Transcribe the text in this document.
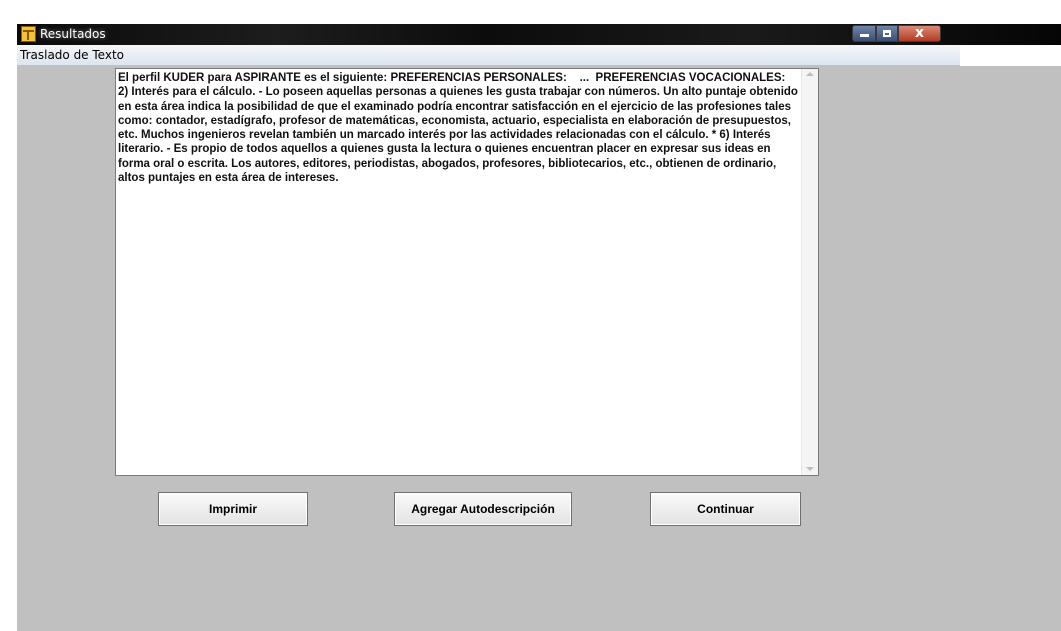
Resultados	x
Traslado de Texto
El perfil KUDER para ASPIRANTE es el siguiente: PREFERENCIAS PERSONALES:    ...  PREFERENCIAS VOCACIONALES: 2) Interés para el cálculo. - Lo poseen aquellas personas a quienes les gusta trabajar con números. Un alto puntaje obtenido en esta área indica la posibilidad de que el examinado podría encontrar satisfacción en el ejercicio de las profesiones tales como: contador, estadígrafo, profesor de matemáticas, economista, actuario, especialista en elaboración de presupuestos, etc. Muchos ingenieros revelan también un marcado interés por las actividades relacionadas con el cálculo. * 6) Interés literario. - Es propio de todos aquellos a quienes gusta la lectura o quienes encuentran placer en expresar sus ideas en forma oral o escrita. Los autores, editores, periodistas, abogados, profesores, bibliotecarios, etc., obtienen de ordinario, altos puntajes en esta área de intereses.
Imprimir	Agregar Autodescripción	Continuar
